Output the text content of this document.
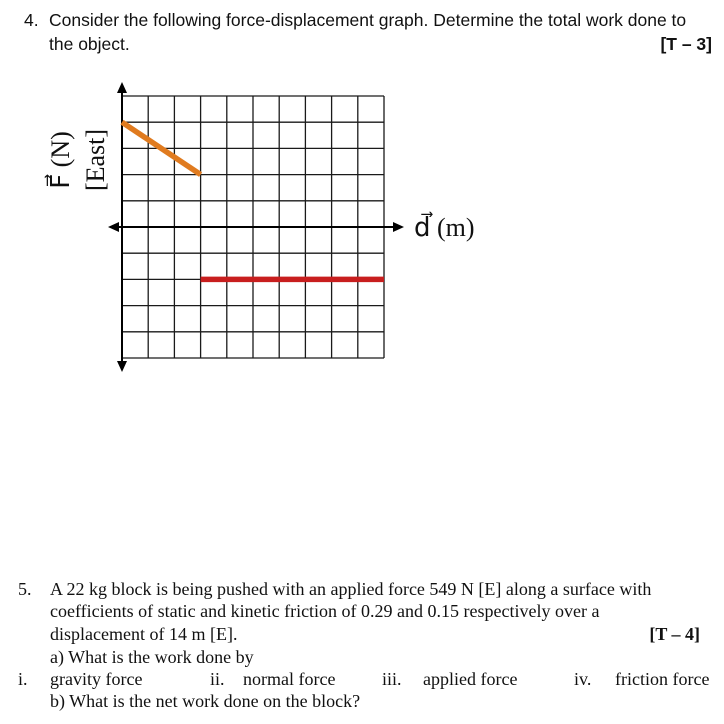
4. Consider the following force-displacement graph. Determine the total work done to
the object.	[T – 3]
F⃗ (N) [East]
d⃗ (m)
5. A 22 kg block is being pushed with an applied force 549 N [E] along a surface with
coefficients of static and kinetic friction of 0.29 and 0.15 respectively over a
displacement of 14 m [E].	[T – 4]
a) What is the work done by
i. gravity force	ii. normal force	iii. applied force	iv. friction force
b) What is the net work done on the block?
